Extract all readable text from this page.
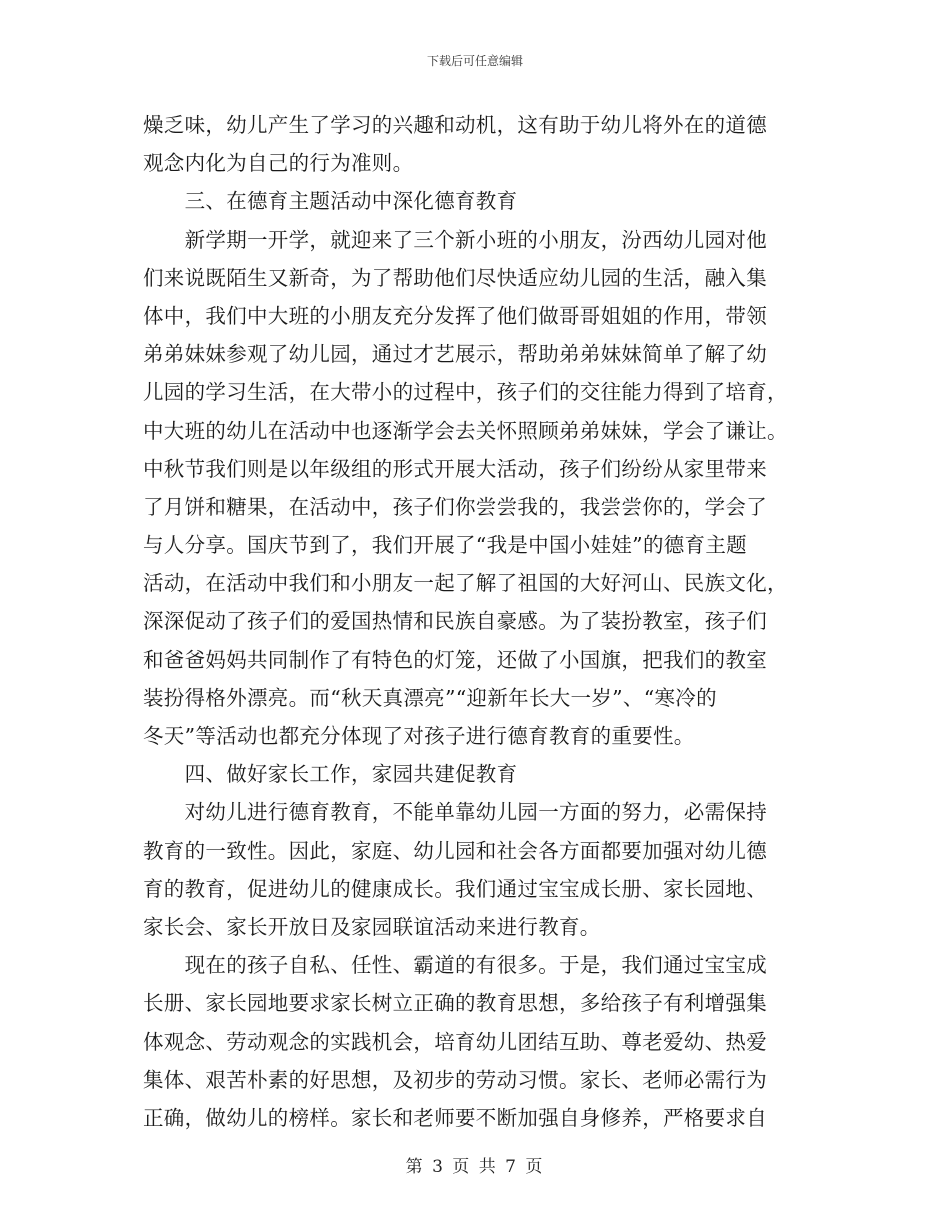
下载后可任意编辑
燥乏味，幼儿产生了学习的兴趣和动机，这有助于幼儿将外在的道德
观念内化为自己的行为准则。
　　三、在德育主题活动中深化德育教育
　　新学期一开学，就迎来了三个新小班的小朋友，汾西幼儿园对他
们来说既陌生又新奇，为了帮助他们尽快适应幼儿园的生活，融入集
体中，我们中大班的小朋友充分发挥了他们做哥哥姐姐的作用，带领
弟弟妹妹参观了幼儿园，通过才艺展示，帮助弟弟妹妹简单了解了幼
儿园的学习生活，在大带小的过程中，孩子们的交往能力得到了培育，
中大班的幼儿在活动中也逐渐学会去关怀照顾弟弟妹妹，学会了谦让。
中秋节我们则是以年级组的形式开展大活动，孩子们纷纷从家里带来
了月饼和糖果，在活动中，孩子们你尝尝我的，我尝尝你的，学会了
与人分享。国庆节到了，我们开展了“我是中国小娃娃”的德育主题
活动，在活动中我们和小朋友一起了解了祖国的大好河山、民族文化，
深深促动了孩子们的爱国热情和民族自豪感。为了装扮教室，孩子们
和爸爸妈妈共同制作了有特色的灯笼，还做了小国旗，把我们的教室
装扮得格外漂亮。而“秋天真漂亮”“迎新年长大一岁”、“寒冷的
冬天”等活动也都充分体现了对孩子进行德育教育的重要性。
　　四、做好家长工作，家园共建促教育
　　对幼儿进行德育教育，不能单靠幼儿园一方面的努力，必需保持
教育的一致性。因此，家庭、幼儿园和社会各方面都要加强对幼儿德
育的教育，促进幼儿的健康成长。我们通过宝宝成长册、家长园地、
家长会、家长开放日及家园联谊活动来进行教育。
　　现在的孩子自私、任性、霸道的有很多。于是，我们通过宝宝成
长册、家长园地要求家长树立正确的教育思想，多给孩子有利增强集
体观念、劳动观念的实践机会，培育幼儿团结互助、尊老爱幼、热爱
集体、艰苦朴素的好思想，及初步的劳动习惯。家长、老师必需行为
正确，做幼儿的榜样。家长和老师要不断加强自身修养，严格要求自
第 3 页 共 7 页
